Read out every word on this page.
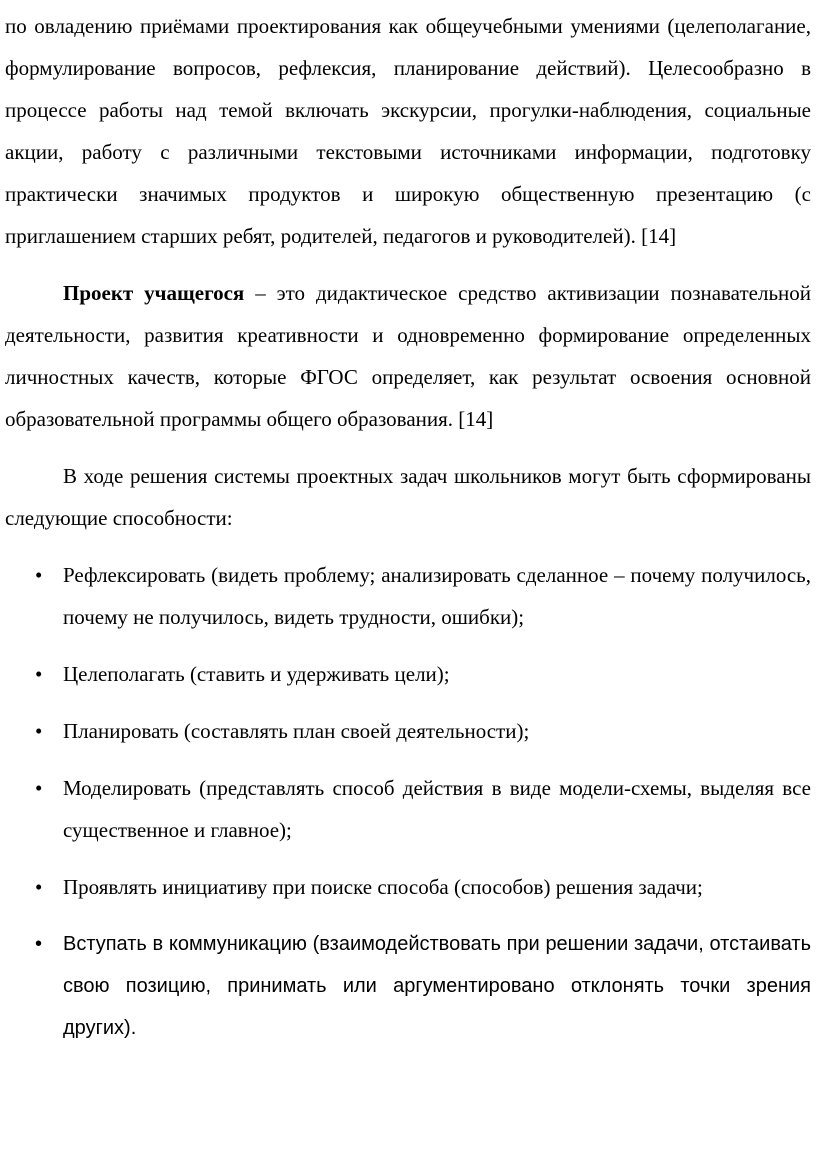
по овладению приёмами проектирования как общеучебными умениями (целеполагание, формулирование вопросов, рефлексия, планирование действий). Целесообразно в процессе работы над темой включать экскурсии, прогулки-наблюдения, социальные акции, работу с различными текстовыми источниками информации, подготовку практически значимых продуктов и широкую общественную презентацию (с приглашением старших ребят, родителей, педагогов и руководителей). [14]

Проект учащегося – это дидактическое средство активизации познавательной деятельности, развития креативности и одновременно формирование определенных личностных качеств, которые ФГОС определяет, как результат освоения основной образовательной программы общего образования. [14]

В ходе решения системы проектных задач школьников могут быть сформированы следующие способности:

• Рефлексировать (видеть проблему; анализировать сделанное – почему получилось, почему не получилось, видеть трудности, ошибки);
• Целеполагать (ставить и удерживать цели);
• Планировать (составлять план своей деятельности);
• Моделировать (представлять способ действия в виде модели-схемы, выделяя все существенное и главное);
• Проявлять инициативу при поиске способа (способов) решения задачи;
• Вступать в коммуникацию (взаимодействовать при решении задачи, отстаивать свою позицию, принимать или аргументировано отклонять точки зрения других).
